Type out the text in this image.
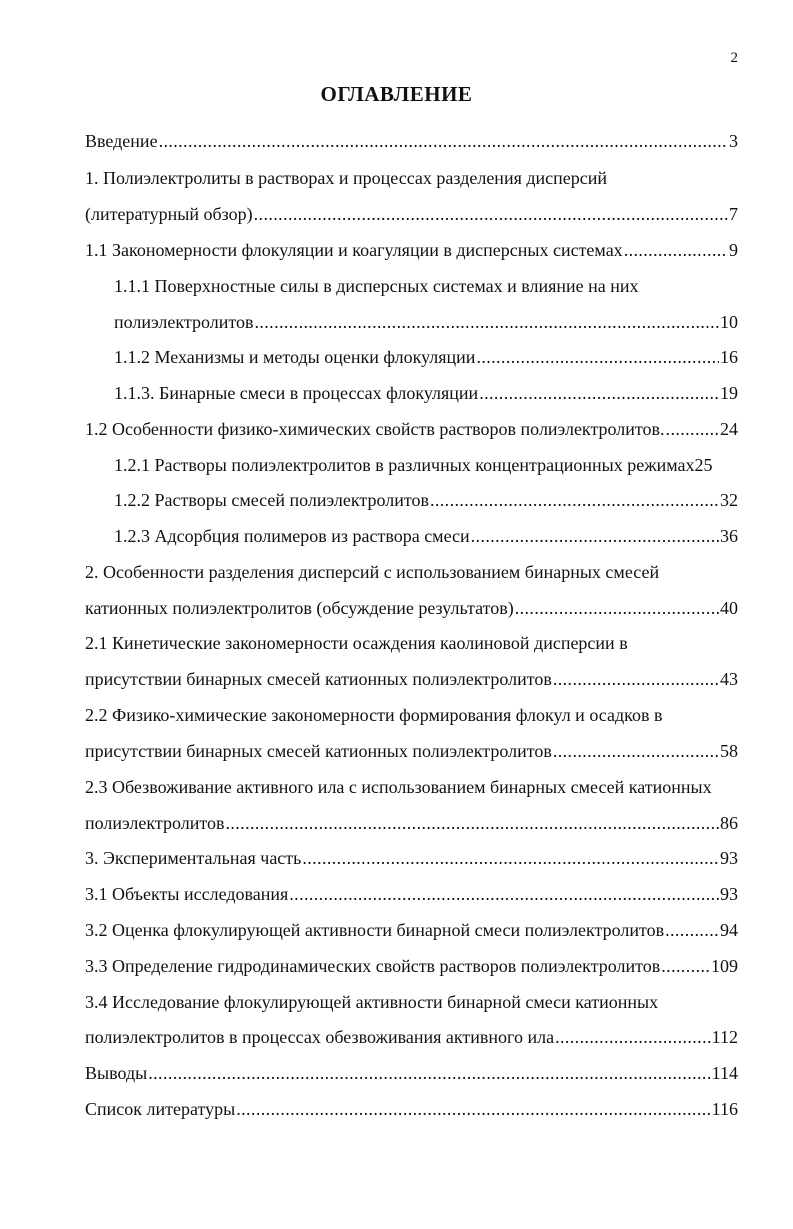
2
ОГЛАВЛЕНИЕ
Введение .....	3
1. Полиэлектролиты в растворах и процессах разделения дисперсий
(литературный обзор) .....	7
1.1 Закономерности флокуляции и коагуляции в дисперсных системах .....	9
1.1.1 Поверхностные силы в дисперсных системах и влияние на них
полиэлектролитов .....	10
1.1.2 Механизмы и методы оценки флокуляции .....	16
1.1.3. Бинарные смеси в процессах флокуляции .....	19
1.2 Особенности физико-химических свойств растворов полиэлектролитов. .....	24
1.2.1 Растворы полиэлектролитов в различных концентрационных режимах 25
1.2.2 Растворы смесей полиэлектролитов .....	32
1.2.3 Адсорбция полимеров из раствора смеси .....	36
2. Особенности разделения дисперсий с использованием бинарных смесей
катионных полиэлектролитов (обсуждение результатов) .....	40
2.1 Кинетические закономерности осаждения каолиновой дисперсии в
присутствии бинарных смесей катионных полиэлектролитов .....	43
2.2 Физико-химические закономерности формирования флокул и осадков в
присутствии бинарных смесей катионных полиэлектролитов .....	58
2.3 Обезвоживание активного ила с использованием бинарных смесей катионных
полиэлектролитов .....	86
3. Экспериментальная часть .....	93
3.1 Объекты исследования .....	93
3.2 Оценка флокулирующей активности бинарной смеси полиэлектролитов .....	94
3.3 Определение гидродинамических свойств растворов полиэлектролитов .....	109
3.4 Исследование флокулирующей активности бинарной смеси катионных
полиэлектролитов в процессах обезвоживания активного ила .....	112
Выводы .....	114
Список литературы .....	116
